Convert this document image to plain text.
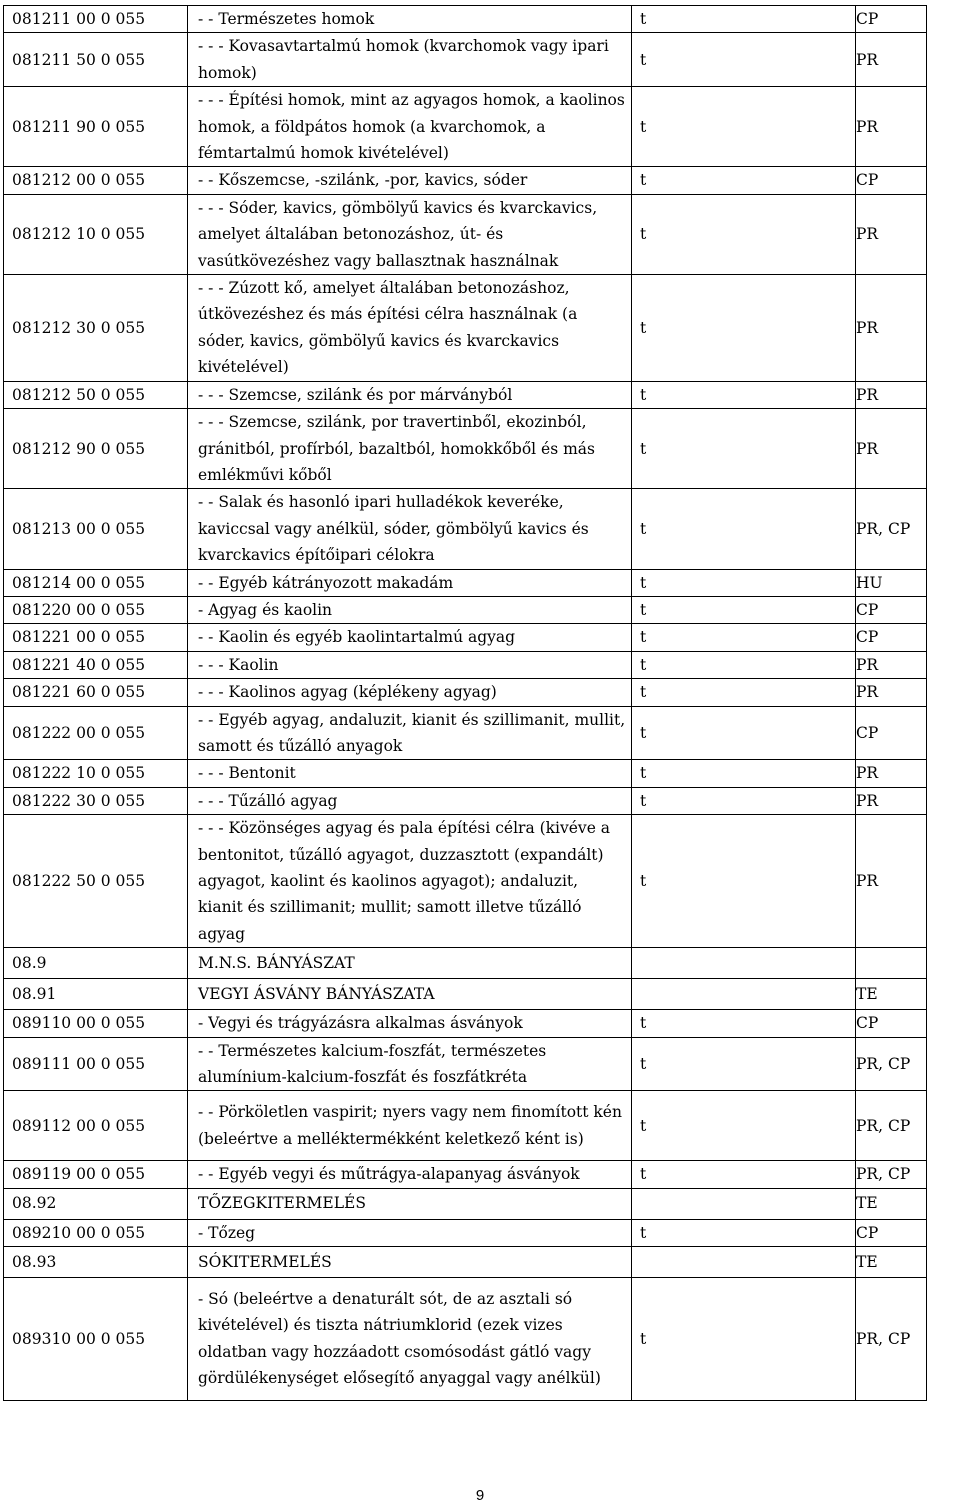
081211 00 0 055	- - Természetes homok	t	CP
081211 50 0 055	- - - Kovasavtartalmú homok (kvarchomok vagy ipari homok)	t	PR
081211 90 0 055	- - - Építési homok, mint az agyagos homok, a kaolinos homok, a földpátos homok (a kvarchomok, a fémtartalmú homok kivételével)	t	PR
081212 00 0 055	- - Kőszemcse, -szilánk, -por, kavics, sóder	t	CP
081212 10 0 055	- - - Sóder, kavics, gömbölyű kavics és kvarckavics, amelyet általában betonozáshoz, út- és vasútkövezéshez vagy ballasztnak használnak	t	PR
081212 30 0 055	- - - Zúzott kő, amelyet általában betonozáshoz, útkövezéshez és más építési célra használnak (a sóder, kavics, gömbölyű kavics és kvarckavics kivételével)	t	PR
081212 50 0 055	- - - Szemcse, szilánk és por márványból	t	PR
081212 90 0 055	- - - Szemcse, szilánk, por travertinből, ekozinból, gránitból, profírból, bazaltból, homokkőből és más emlékművi kőből	t	PR
081213 00 0 055	- - Salak és hasonló ipari hulladékok keveréke, kaviccsal vagy anélkül, sóder, gömbölyű kavics és kvarckavics építőipari célokra	t	PR, CP
081214 00 0 055	- - Egyéb kátrányozott makadám	t	HU
081220 00 0 055	- Agyag és kaolin	t	CP
081221 00 0 055	- - Kaolin és egyéb kaolintartalmú agyag	t	CP
081221 40 0 055	- - - Kaolin	t	PR
081221 60 0 055	- - - Kaolinos agyag (képlékeny agyag)	t	PR
081222 00 0 055	- - Egyéb agyag, andaluzit, kianit és szillimanit, mullit, samott és tűzálló anyagok	t	CP
081222 10 0 055	- - - Bentonit	t	PR
081222 30 0 055	- - - Tűzálló agyag	t	PR
081222 50 0 055	- - - Közönséges agyag és pala építési célra (kivéve a bentonitot, tűzálló agyagot, duzzasztott (expandált) agyagot, kaolint és kaolinos agyagot); andaluzit, kianit és szillimanit; mullit; samott illetve tűzálló agyag	t	PR
08.9	M.N.S. BÁNYÁSZAT		
08.91	VEGYI ÁSVÁNY BÁNYÁSZATA		TE
089110 00 0 055	- Vegyi és trágyázásra alkalmas ásványok	t	CP
089111 00 0 055	- - Természetes kalcium-foszfát, természetes alumínium-kalcium-foszfát és foszfátkréta	t	PR, CP
089112 00 0 055	- - Pörköletlen vaspirit; nyers vagy nem finomított kén (beleértve a melléktermékként keletkező ként is)	t	PR, CP
089119 00 0 055	- - Egyéb vegyi és műtrágya-alapanyag ásványok	t	PR, CP
08.92	TŐZEGKITERMELÉS		TE
089210 00 0 055	- Tőzeg	t	CP
08.93	SÓKITERMELÉS		TE
089310 00 0 055	- Só (beleértve a denaturált sót, de az asztali só kivételével) és tiszta nátriumklorid (ezek vizes oldatban vagy hozzáadott csomósodást gátló vagy gördülékenységet elősegítő anyaggal vagy anélkül)	t	PR, CP
9
